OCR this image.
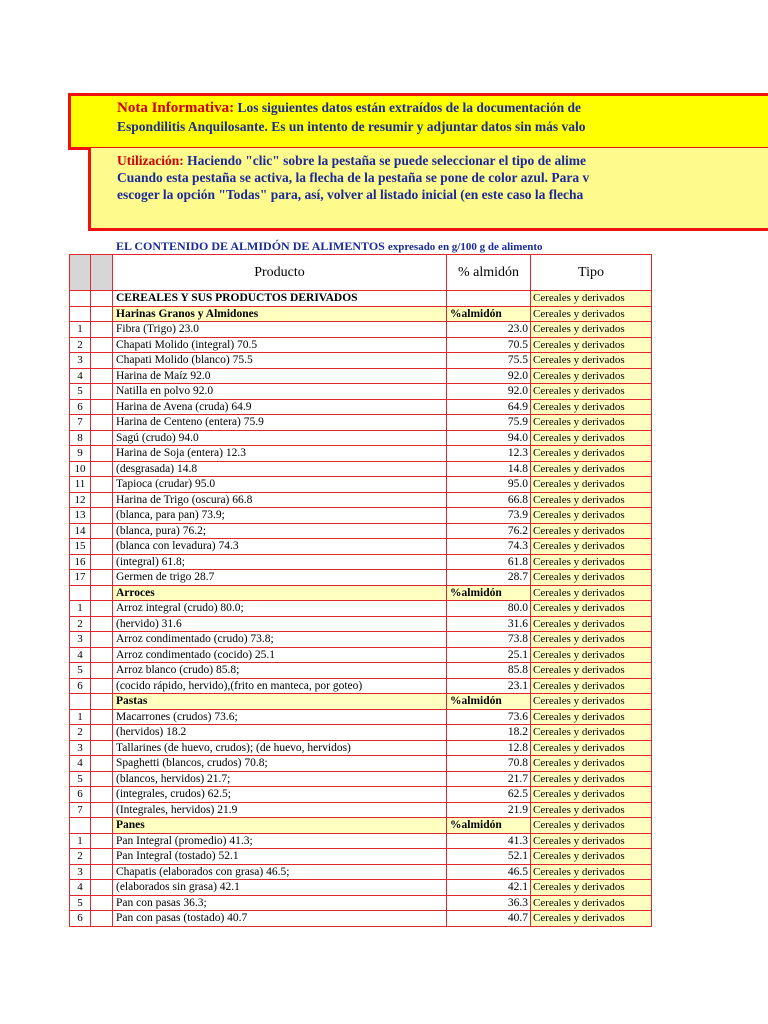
Nota Informativa: Los siguientes datos están extraídos de la documentación de
Espondilitis Anquilosante. Es un intento de resumir y adjuntar datos sin más valo
Utilización: Haciendo "clic" sobre la pestaña se puede seleccionar el tipo de alime
Cuando esta pestaña se activa, la flecha de la pestaña se pone de color azul. Para v
escoger la opción "Todas" para, así, volver al listado inicial (en este caso la flecha
EL CONTENIDO DE ALMIDÓN DE ALIMENTOS expresado en g/100 g de alimento
		Producto	% almidón	Tipo
		CEREALES Y SUS PRODUCTOS DERIVADOS		Cereales y derivados
		Harinas Granos y Almidones	%almidón	Cereales y derivados
1		Fibra (Trigo) 23.0	23.0	Cereales y derivados
2		Chapati Molido (integral) 70.5	70.5	Cereales y derivados
3		Chapati Molido (blanco) 75.5	75.5	Cereales y derivados
4		Harina de Maíz 92.0	92.0	Cereales y derivados
5		Natilla en polvo 92.0	92.0	Cereales y derivados
6		Harina de Avena (cruda) 64.9	64.9	Cereales y derivados
7		Harina de Centeno (entera) 75.9	75.9	Cereales y derivados
8		Sagú (crudo) 94.0	94.0	Cereales y derivados
9		Harina de Soja (entera) 12.3	12.3	Cereales y derivados
10		(desgrasada) 14.8	14.8	Cereales y derivados
11		Tapioca (crudar) 95.0	95.0	Cereales y derivados
12		Harina de Trigo (oscura) 66.8	66.8	Cereales y derivados
13		(blanca, para pan) 73.9;	73.9	Cereales y derivados
14		(blanca, pura) 76.2;	76.2	Cereales y derivados
15		(blanca con levadura) 74.3	74.3	Cereales y derivados
16		(integral) 61.8;	61.8	Cereales y derivados
17		Germen de trigo 28.7	28.7	Cereales y derivados
		Arroces	%almidón	Cereales y derivados
1		Arroz integral (crudo) 80.0;	80.0	Cereales y derivados
2		(hervido) 31.6	31.6	Cereales y derivados
3		Arroz condimentado (crudo) 73.8;	73.8	Cereales y derivados
4		Arroz condimentado (cocido) 25.1	25.1	Cereales y derivados
5		Arroz blanco (crudo) 85.8;	85.8	Cereales y derivados
6		(cocido rápido, hervido),(frito en manteca, por goteo)	23.1	Cereales y derivados
		Pastas	%almidón	Cereales y derivados
1		Macarrones (crudos) 73.6;	73.6	Cereales y derivados
2		(hervidos) 18.2	18.2	Cereales y derivados
3		Tallarines (de huevo, crudos); (de huevo, hervidos)	12.8	Cereales y derivados
4		Spaghetti (blancos, crudos) 70.8;	70.8	Cereales y derivados
5		(blancos, hervidos) 21.7;	21.7	Cereales y derivados
6		(integrales, crudos) 62.5;	62.5	Cereales y derivados
7		(Integrales, hervidos) 21.9	21.9	Cereales y derivados
		Panes	%almidón	Cereales y derivados
1		Pan Integral (promedio) 41.3;	41.3	Cereales y derivados
2		Pan Integral (tostado) 52.1	52.1	Cereales y derivados
3		Chapatis (elaborados con grasa) 46.5;	46.5	Cereales y derivados
4		(elaborados sin grasa) 42.1	42.1	Cereales y derivados
5		Pan con pasas 36.3;	36.3	Cereales y derivados
6		Pan con pasas (tostado) 40.7	40.7	Cereales y derivados
